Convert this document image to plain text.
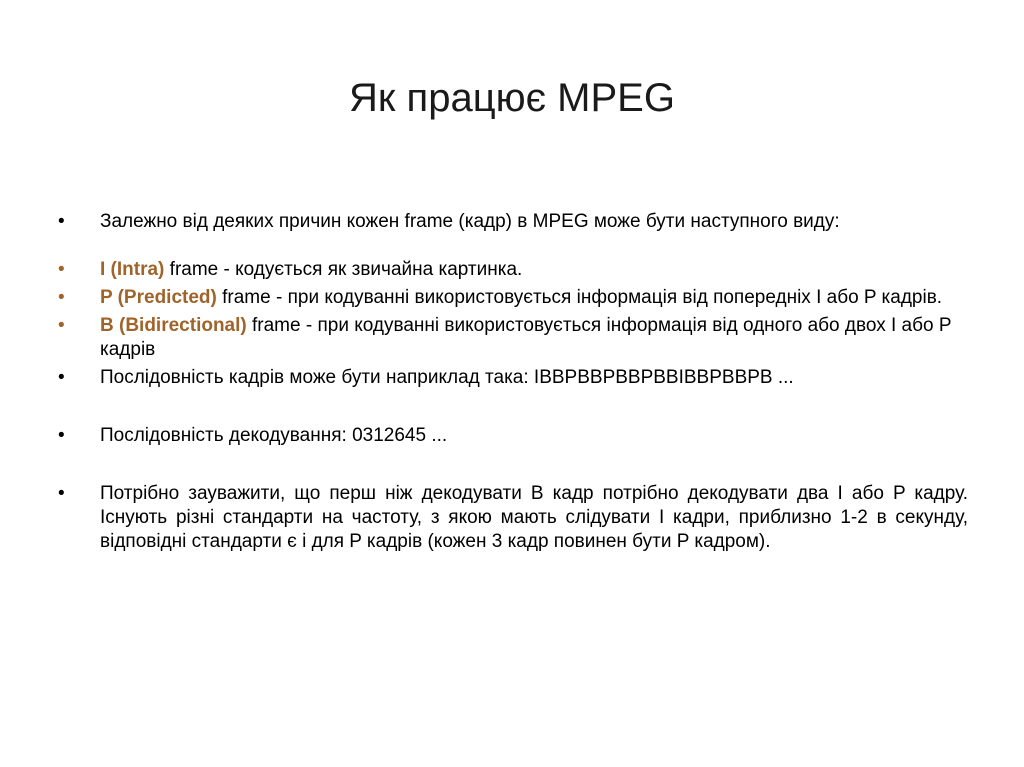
Як працює MPEG
•	Залежно від деяких причин кожен frame (кадр) в MPEG може бути наступного виду:
•	I (Intra) frame - кодується як звичайна картинка.
•	P (Predicted) frame - при кодуванні використовується інформація від попередніх I або P кадрів.
•	B (Bidirectional) frame - при кодуванні використовується інформація від одного або двох I або P кадрів
•	Послідовність кадрів може бути наприклад така: IBBPBBPBBPBBIBBPBBPB ...
•	Послідовність декодування: 0312645 ...
•	Потрібно зауважити, що перш ніж декодувати B кадр потрібно декодувати два I або P кадру. Існують різні стандарти на частоту, з якою мають слідувати I кадри, приблизно 1-2 в секунду, відповідні стандарти є і для P кадрів (кожен 3 кадр повинен бути P кадром).
